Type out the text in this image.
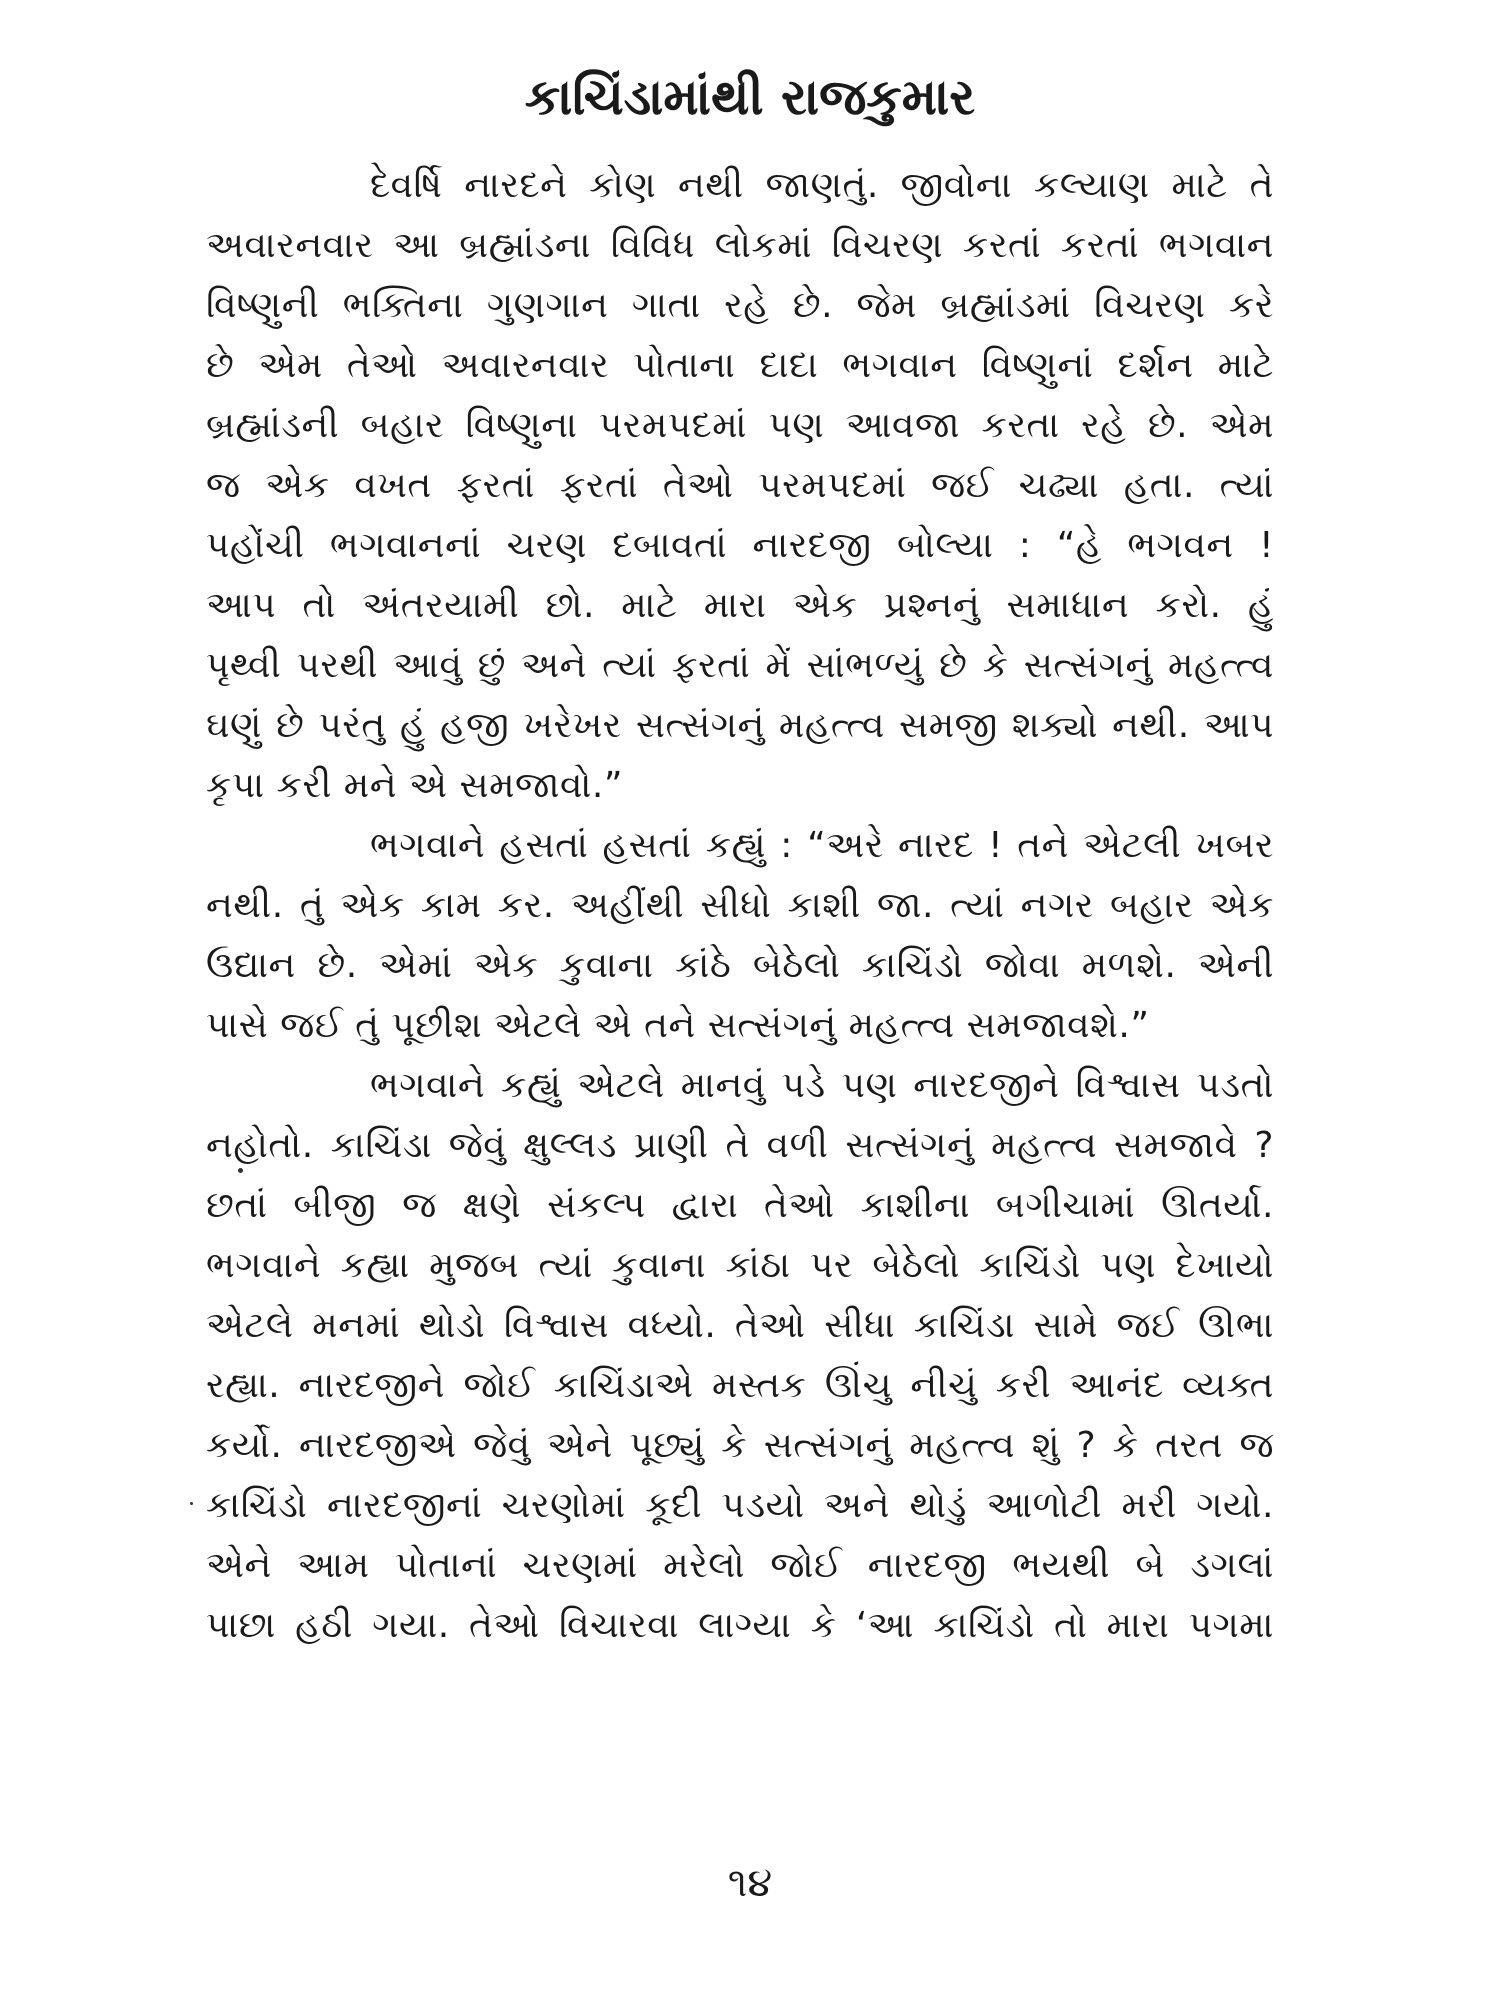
કાચિંડામાંથી રાજકુમાર
દેવર્ષિ નારદને કોણ નથી જાણતું. જીવોના કલ્યાણ માટે તે
અવારનવાર આ બ્રહ્માંડના વિવિધ લોકમાં વિચરણ કરતાં કરતાં ભગવાન
વિષ્ણુની ભક્તિના ગુણગાન ગાતા રહે છે. જેમ બ્રહ્માંડમાં વિચરણ કરે
છે એમ તેઓ અવારનવાર પોતાના દાદા ભગવાન વિષ્ણુનાં દર્શન માટે
બ્રહ્માંડની બહાર વિષ્ણુના પરમપદમાં પણ આવજા કરતા રહે છે. એમ
જ એક વખત ફરતાં ફરતાં તેઓ પરમપદમાં જઈ ચઢ્યા હતા. ત્યાં
પહોંચી ભગવાનનાં ચરણ દબાવતાં નારદજી બોલ્યા : “હે ભગવન !
આપ તો અંતરયામી છો. માટે મારા એક પ્રશ્નનું સમાધાન કરો. હું
પૃથ્વી પરથી આવું છું અને ત્યાં ફરતાં મેં સાંભળ્યું છે કે સત્સંગનું મહત્ત્વ
ઘણું છે પરંતુ હું હજી ખરેખર સત્સંગનું મહત્ત્વ સમજી શક્યો નથી. આપ
કૃપા કરી મને એ સમજાવો.”
ભગવાને હસતાં હસતાં કહ્યું : “અરે નારદ ! તને એટલી ખબર
નથી. તું એક કામ કર. અહીંથી સીધો કાશી જા. ત્યાં નગર બહાર એક
ઉદ્યાન છે. એમાં એક કુવાના કાંઠે બેઠેલો કાચિંડો જોવા મળશે. એની
પાસે જઈ તું પૂછીશ એટલે એ તને સત્સંગનું મહત્ત્વ સમજાવશે.”
ભગવાને કહ્યું એટલે માનવું પડે પણ નારદજીને વિશ્વાસ પડતો
નહોતો. કાચિંડા જેવું ક્ષુલ્લડ પ્રાણી તે વળી સત્સંગનું મહત્ત્વ સમજાવે ?
છતાં બીજી જ ક્ષણે સંકલ્પ દ્વારા તેઓ કાશીના બગીચામાં ઊતર્યા.
ભગવાને કહ્યા મુજબ ત્યાં કુવાના કાંઠા પર બેઠેલો કાચિંડો પણ દેખાયો
એટલે મનમાં થોડો વિશ્વાસ વધ્યો. તેઓ સીધા કાચિંડા સામે જઈ ઊભા
રહ્યા. નારદજીને જોઈ કાચિંડાએ મસ્તક ઊંચુ નીચું કરી આનંદ વ્યક્ત
કર્યો. નારદજીએ જેવું એને પૂછ્યું કે સત્સંગનું મહત્ત્વ શું ? કે તરત જ
કાચિંડો નારદજીનાં ચરણોમાં કૂદી પડયો અને થોડું આળોટી મરી ગયો.
એને આમ પોતાનાં ચરણમાં મરેલો જોઈ નારદજી ભયથી બે ડગલાં
પાછા હઠી ગયા. તેઓ વિચારવા લાગ્યા કે ‘આ કાચિંડો તો મારા પગમા
૧૪
